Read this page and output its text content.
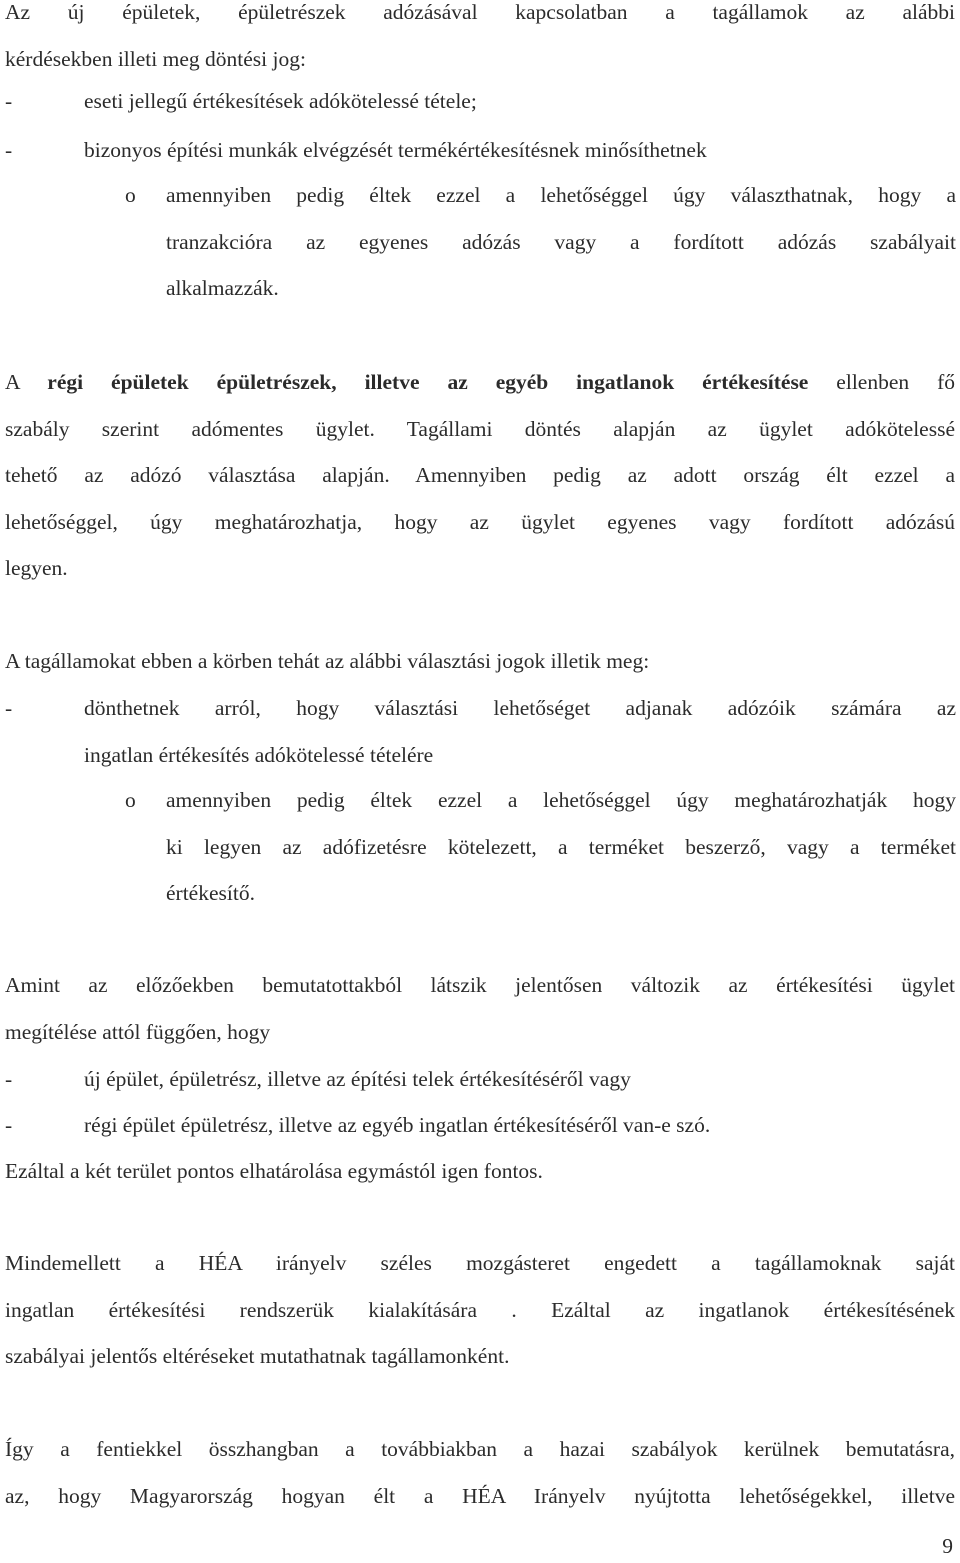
Az új épületek, épületrészek adózásával kapcsolatban a tagállamok az alábbi
kérdésekben illeti meg döntési jog:

-	eseti jellegű értékesítések adókötelessé tétele;
-	bizonyos építési munkák elvégzését termékértékesítésnek minősíthetnek
o amennyiben pedig éltek ezzel a lehetőséggel úgy választhatnak, hogy a
tranzakcióra az egyenes adózás vagy a fordított adózás szabályait
alkalmazzák.

A régi épületek épületrészek, illetve az egyéb ingatlanok értékesítése ellenben fő
szabály szerint adómentes ügylet. Tagállami döntés alapján az ügylet adókötelessé
tehető az adózó választása alapján. Amennyiben pedig az adott ország élt ezzel a
lehetőséggel, úgy meghatározhatja, hogy az ügylet egyenes vagy fordított adózású
legyen.

A tagállamokat ebben a körben tehát az alábbi választási jogok illetik meg:

-	dönthetnek arról, hogy választási lehetőséget adjanak adózóik számára az
ingatlan értékesítés adókötelessé tételére
o amennyiben pedig éltek ezzel a lehetőséggel úgy meghatározhatják hogy
ki legyen az adófizetésre kötelezett, a terméket beszerző, vagy a terméket
értékesítő.

Amint az előzőekben bemutatottakból látszik jelentősen változik az értékesítési ügylet
megítélése attól függően, hogy

-	új épület, épületrész, illetve az építési telek értékesítéséről vagy
-	régi épület épületrész, illetve az egyéb ingatlan értékesítéséről van-e szó.

Ezáltal a két terület pontos elhatárolása egymástól igen fontos.

Mindemellett a HÉA irányelv széles mozgásteret engedett a tagállamoknak saját
ingatlan értékesítési rendszerük kialakítására . Ezáltal az ingatlanok értékesítésének
szabályai jelentős eltéréseket mutathatnak tagállamonként.

Így a fentiekkel összhangban a továbbiakban a hazai szabályok kerülnek bemutatásra,
az, hogy Magyarország hogyan élt a HÉA Irányelv nyújtotta lehetőségekkel, illetve

9
